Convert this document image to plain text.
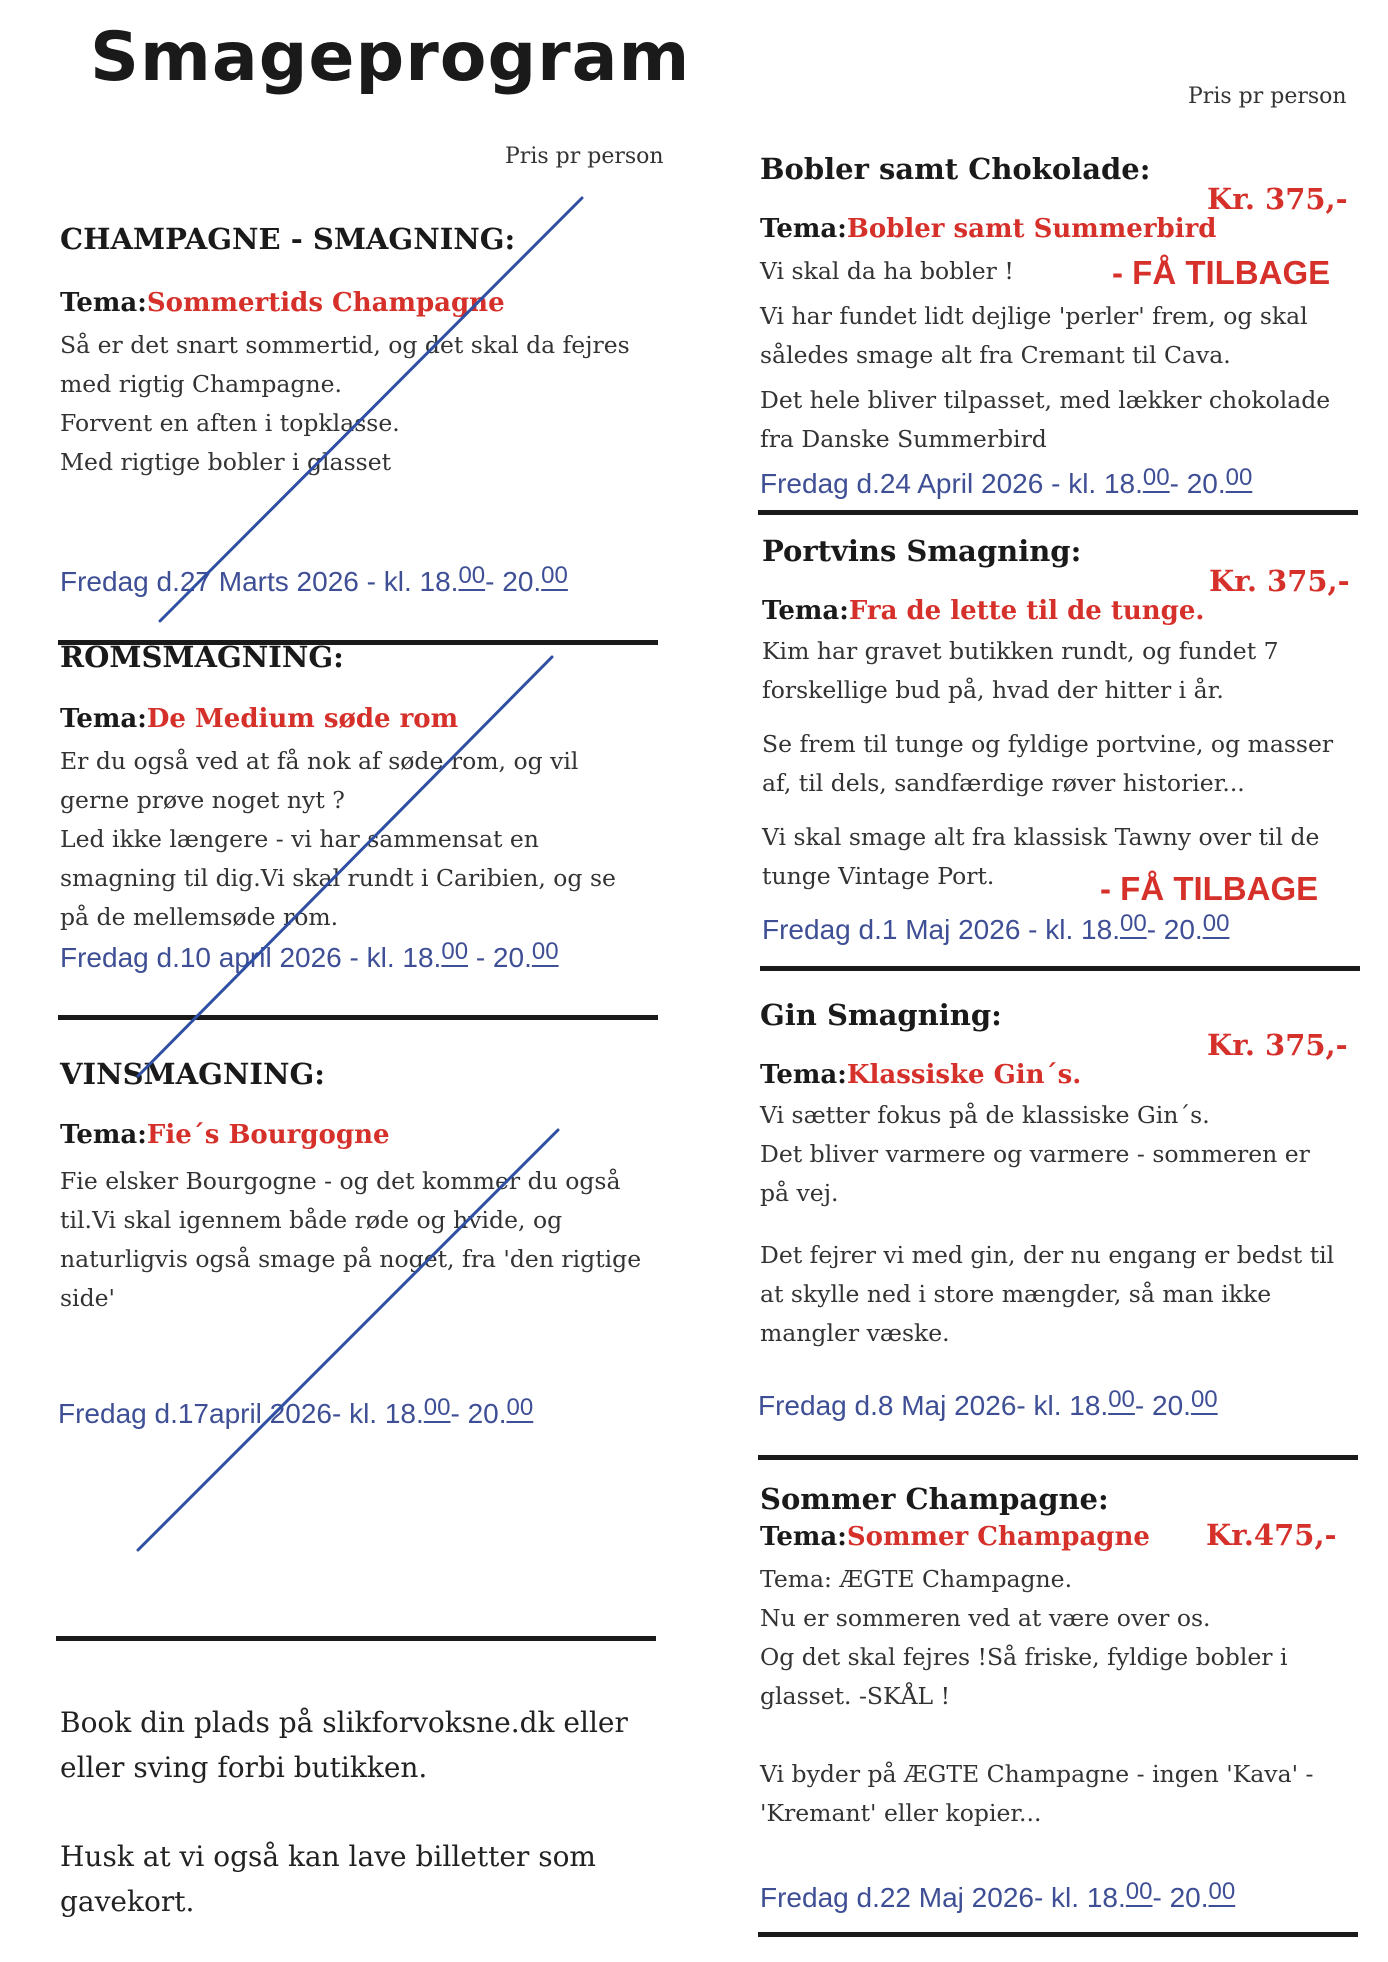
Smageprogram	Pris pr person
Pris pr person
CHAMPAGNE - SMAGNING:
Tema:Sommertids Champagne

Så er det snart sommertid, og det skal da fejres

med rigtig Champagne.

Forvent en aften i topklasse.

Med rigtige bobler i glasset

Fredag d.27 Marts 2026 - kl. 18.00- 20.00
ROMSMAGNING:
Tema:De Medium søde rom

Er du også ved at få nok af søde rom, og vil

gerne prøve noget nyt ?

Led ikke længere - vi har sammensat en

smagning til dig.Vi skal rundt i Caribien, og se

på de mellemsøde rom.

Fredag d.10 april 2026 - kl. 18.00 - 20.00
VINSMAGNING:
Tema:Fie´s Bourgogne

Fie elsker Bourgogne - og det kommer du også

til.Vi skal igennem både røde og hvide, og

naturligvis også smage på noget, fra 'den rigtige

side'

Fredag d.17april 2026- kl. 18.00- 20.00

Book din plads på slikforvoksne.dk eller

eller sving forbi butikken.

Husk at vi også kan lave billetter som

gavekort.

Bobler samt Chokolade:
Kr. 375,-
Tema:Bobler samt Summerbird
- FÅ TILBAGE

Vi skal da ha bobler !

Vi har fundet lidt dejlige 'perler' frem, og skal

således smage alt fra Cremant til Cava.

Det hele bliver tilpasset, med lækker chokolade

fra Danske Summerbird

Fredag d.24 April 2026 - kl. 18.00- 20.00
Portvins Smagning:
Kr. 375,-
Tema:Fra de lette til de tunge.

Kim har gravet butikken rundt, og fundet 7

forskellige bud på, hvad der hitter i år.

Se frem til tunge og fyldige portvine, og masser

af, til dels, sandfærdige røver historier...

Vi skal smage alt fra klassisk Tawny over til de

tunge Vintage Port.	- FÅ TILBAGE
Fredag d.1 Maj 2026 - kl. 18.00- 20.00
Gin Smagning:
Kr. 375,-
Tema:Klassiske Gin´s.

Vi sætter fokus på de klassiske Gin´s.

Det bliver varmere og varmere - sommeren er

på vej.

Det fejrer vi med gin, der nu engang er bedst til

at skylle ned i store mængder, så man ikke

mangler væske.

Fredag d.8 Maj 2026- kl. 18.00- 20.00
Sommer Champagne:
Tema:Sommer Champagne Kr.475,-

Tema: ÆGTE Champagne.

Nu er sommeren ved at være over os.

Og det skal fejres !Så friske, fyldige bobler i

glasset. -SKÅL !

Vi byder på ÆGTE Champagne - ingen 'Kava' -

'Kremant' eller kopier...

Fredag d.22 Maj 2026- kl. 18.00- 20.00
